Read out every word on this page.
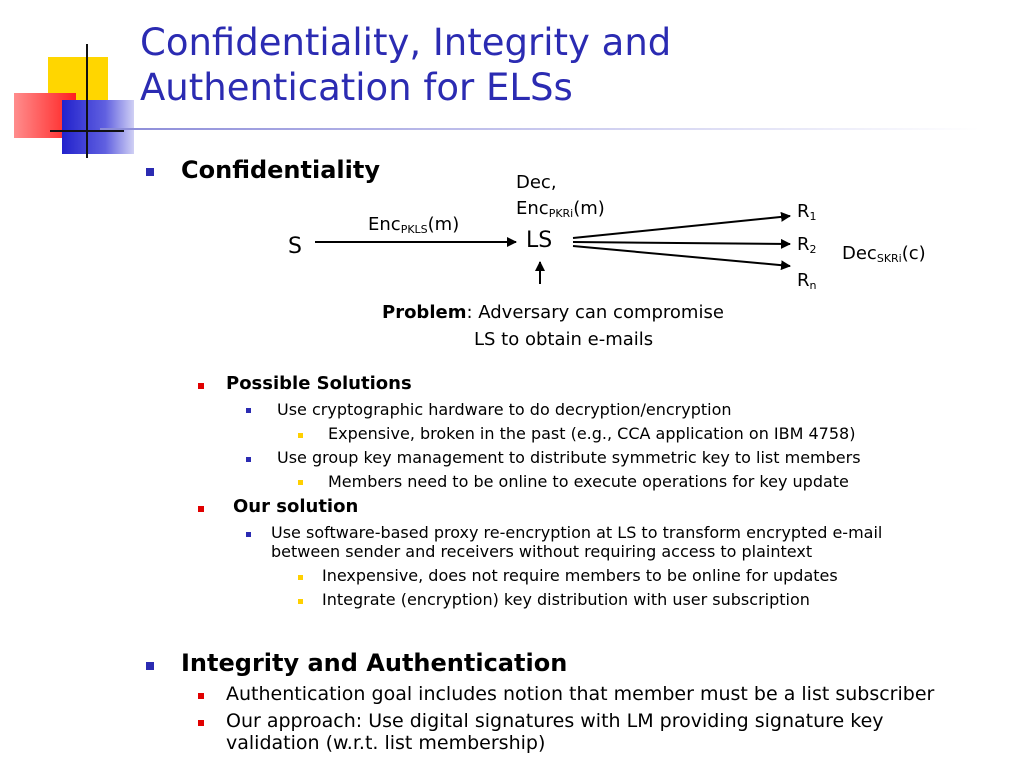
Confidentiality, Integrity and
Authentication for ELSs
Confidentiality
S
Enc$_{PKLS}$(m)
Dec,
Enc$_{PKRi}$(m)
LS
$R_1$
$R_2$
$R_n$
Dec$_{SKRi}$(c)
Problem: Adversary can compromise
LS to obtain e-mails
Possible Solutions
Use cryptographic hardware to do decryption/encryption
Expensive, broken in the past (e.g., CCA application on IBM 4758)
Use group key management to distribute symmetric key to list members
Members need to be online to execute operations for key update
Our solution
Use software-based proxy re-encryption at LS to transform encrypted e-mail
between sender and receivers without requiring access to plaintext
Inexpensive, does not require members to be online for updates
Integrate (encryption) key distribution with user subscription
Integrity and Authentication
Authentication goal includes notion that member must be a list subscriber
Our approach: Use digital signatures with LM providing signature key
validation (w.r.t. list membership)
